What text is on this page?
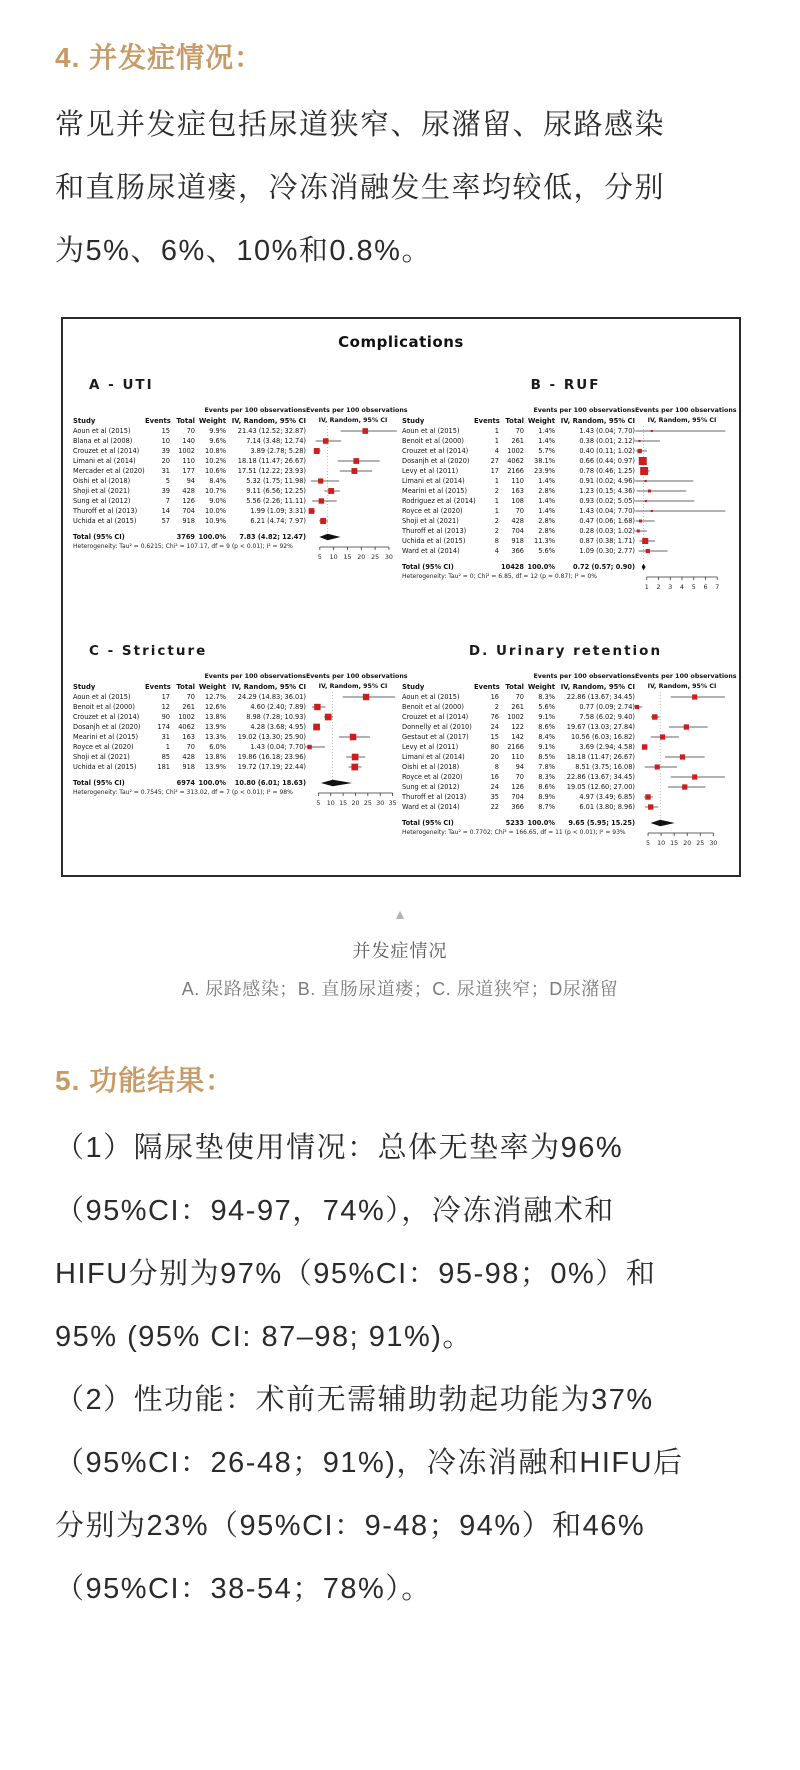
4. 并发症情况：
常见并发症包括尿道狭窄、尿潴留、尿路感染
和直肠尿道瘘，冷冻消融发生率均较低，分别
为5%、6%、10%和0.8%。
Complications
A - UTI
Events per 100 observations
Study	Events Total Weight IV, Random, 95% CI
Aoun et al (2015)	15	70	9.9%	21.43 (12.52; 32.87)
Blana et al (2008)	10	140	9.6%	7.14 (3.48; 12.74)
Crouzet et al (2014)	39	1002	10.8%	3.89 (2.78; 5.28)
Limani et al (2014)	20	110	10.2%	18.18 (11.47; 26.67)
Mercader et al (2020)	31	177	10.6%	17.51 (12.22; 23.93)
Oishi et al (2018)	5	94	8.4%	5.32 (1.75; 11.98)
Shoji et al (2021)	39	428	10.7%	9.11 (6.56; 12.25)
Sung et al (2012)	7	126	9.0%	5.56 (2.26; 11.11)
Thuroff et al (2013)	14	704	10.0%	1.99 (1.09; 3.31)
Uchida et al (2015)	57	918	10.9%	6.21 (4.74; 7.97)
Total (95% CI)	3769 100.0%	7.83 (4.82; 12.47)
Heterogeneity: Tau² = 0.6215; Chi² = 107.17, df = 9 (p < 0.01); I² = 92%
Events per 100 observations
IV, Random, 95% CI
5 10 15 20 25 30
B - RUF
Events per 100 observations
Study	Events Total Weight IV, Random, 95% CI
Aoun et al (2015)	1	70	1.4%	1.43 (0.04; 7.70)
Benoit et al (2000)	1	261	1.4%	0.38 (0.01; 2.12)
Crouzet et al (2014)	4	1002	5.7%	0.40 (0.11; 1.02)
Dosanjh et al (2020)	27	4062	38.1%	0.66 (0.44; 0.97)
Levy et al (2011)	17	2166	23.9%	0.78 (0.46; 1.25)
Limani et al (2014)	1	110	1.4%	0.91 (0.02; 4.96)
Mearini et al (2015)	2	163	2.8%	1.23 (0.15; 4.36)
Rodriguez et al (2014)	1	108	1.4%	0.93 (0.02; 5.05)
Royce et al (2020)	1	70	1.4%	1.43 (0.04; 7.70)
Shoji et al (2021)	2	428	2.8%	0.47 (0.06; 1.68)
Thuroff et al (2013)	2	704	2.8%	0.28 (0.03; 1.02)
Uchida et al (2015)	8	918	11.3%	0.87 (0.38; 1.71)
Ward et al (2014)	4	366	5.6%	1.09 (0.30; 2.77)
Total (95% CI)	10428 100.0%	0.72 (0.57; 0.90)
Heterogeneity: Tau² = 0; Chi² = 6.85, df = 12 (p = 0.87); I² = 0%
Events per 100 observations
IV, Random, 95% CI
1 2 3 4 5 6 7
C - Stricture
Events per 100 observations
Study	Events Total Weight IV, Random, 95% CI
Aoun et al (2015)	17	70	12.7%	24.29 (14.83; 36.01)
Benoit et al (2000)	12	261	12.6%	4.60 (2.40; 7.89)
Crouzet et al (2014)	90	1002	13.8%	8.98 (7.28; 10.93)
Dosanjh et al (2020)	174	4062	13.9%	4.28 (3.68; 4.95)
Mearini et al (2015)	31	163	13.3%	19.02 (13.30; 25.90)
Royce et al (2020)	1	70	6.0%	1.43 (0.04; 7.70)
Shoji et al (2021)	85	428	13.8%	19.86 (16.18; 23.96)
Uchida et al (2015)	181	918	13.9%	19.72 (17.19; 22.44)
Total (95% CI)	6974 100.0%	10.80 (6.01; 18.63)
Heterogeneity: Tau² = 0.7545; Chi² = 313.02, df = 7 (p < 0.01); I² = 98%
Events per 100 observations
IV, Random, 95% CI
5 10 15 20 25 30 35
D. Urinary retention
Events per 100 observations
Study	Events Total Weight IV, Random, 95% CI
Aoun et al (2015)	16	70	8.3%	22.86 (13.67; 34.45)
Benoit et al (2000)	2	261	5.6%	0.77 (0.09; 2.74)
Crouzet et al (2014)	76	1002	9.1%	7.58 (6.02; 9.40)
Donnelly et al (2010)	24	122	8.6%	19.67 (13.03; 27.84)
Gestaut et al (2017)	15	142	8.4%	10.56 (6.03; 16.82)
Levy et al (2011)	80	2166	9.1%	3.69 (2.94; 4.58)
Limani et al (2014)	20	110	8.5%	18.18 (11.47; 26.67)
Oishi et al (2018)	8	94	7.8%	8.51 (3.75; 16.08)
Royce et al (2020)	16	70	8.3%	22.86 (13.67; 34.45)
Sung et al (2012)	24	126	8.6%	19.05 (12.60; 27.00)
Thuroff et al (2013)	35	704	8.9%	4.97 (3.49; 6.85)
Ward et al (2014)	22	366	8.7%	6.01 (3.80; 8.96)
Total (95% CI)	5233 100.0%	9.65 (5.95; 15.25)
Heterogeneity: Tau² = 0.7702; Chi² = 166.65, df = 11 (p < 0.01); I² = 93%
Events per 100 observations
IV, Random, 95% CI
5 10 15 20 25 30
▲
并发症情况
A. 尿路感染；B. 直肠尿道瘘；C. 尿道狭窄；D尿潴留
5. 功能结果：
（1）隔尿垫使用情况：总体无垫率为96%
（95%CI：94-97，74%），冷冻消融术和
HIFU分别为97%（95%CI：95-98；0%）和
95% (95% CI: 87–98; 91%)。
（2）性功能：术前无需辅助勃起功能为37%
（95%CI：26-48；91%)，冷冻消融和HIFU后
分别为23%（95%CI：9-48；94%）和46%
（95%CI：38-54；78%）。
